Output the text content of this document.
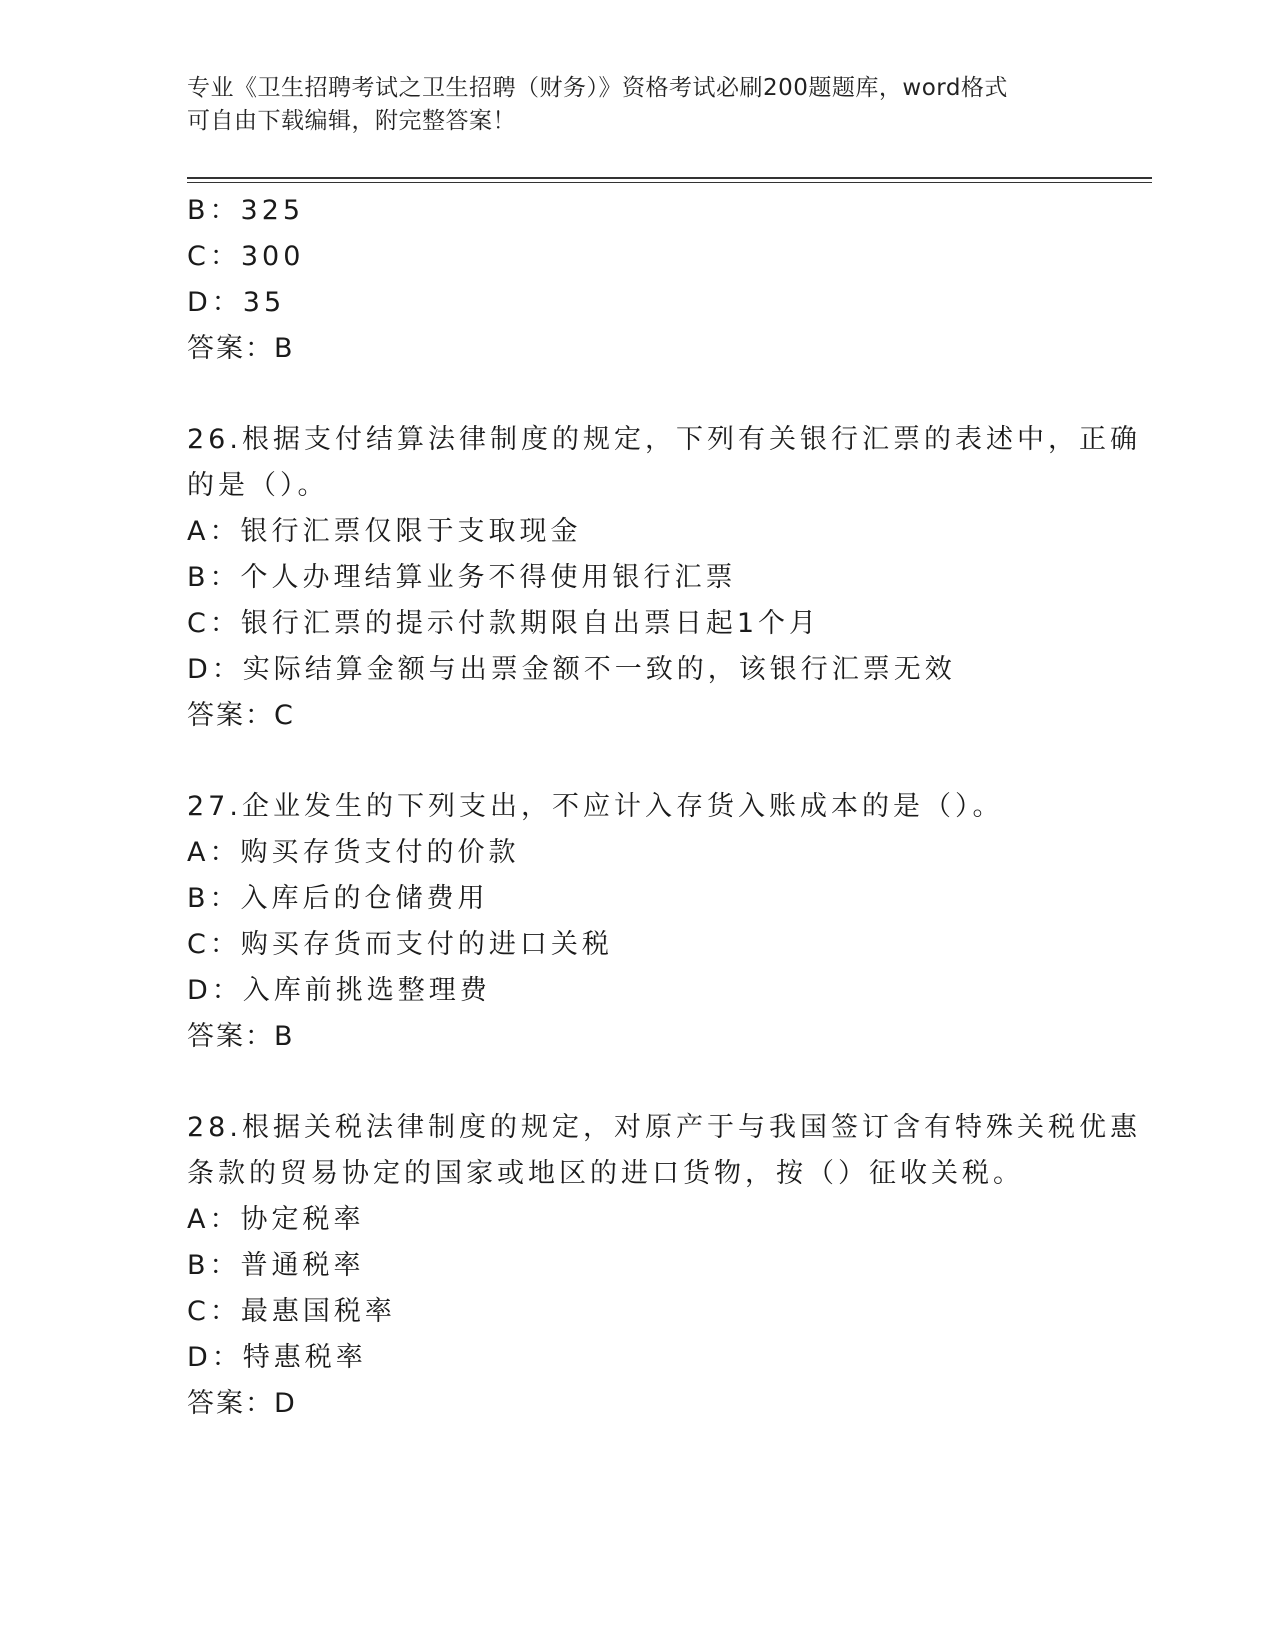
专业《卫生招聘考试之卫生招聘（财务）》资格考试必刷200题题库，word格式
可自由下载编辑，附完整答案！
B：325
C：300
D：35
答案：B
26.根据支付结算法律制度的规定，下列有关银行汇票的表述中，正确
的是（）。
A：银行汇票仅限于支取现金
B：个人办理结算业务不得使用银行汇票
C：银行汇票的提示付款期限自出票日起1个月
D：实际结算金额与出票金额不一致的，该银行汇票无效
答案：C
27.企业发生的下列支出，不应计入存货入账成本的是（）。
A：购买存货支付的价款
B：入库后的仓储费用
C：购买存货而支付的进口关税
D：入库前挑选整理费
答案：B
28.根据关税法律制度的规定，对原产于与我国签订含有特殊关税优惠
条款的贸易协定的国家或地区的进口货物，按（）征收关税。
A：协定税率
B：普通税率
C：最惠国税率
D：特惠税率
答案：D
